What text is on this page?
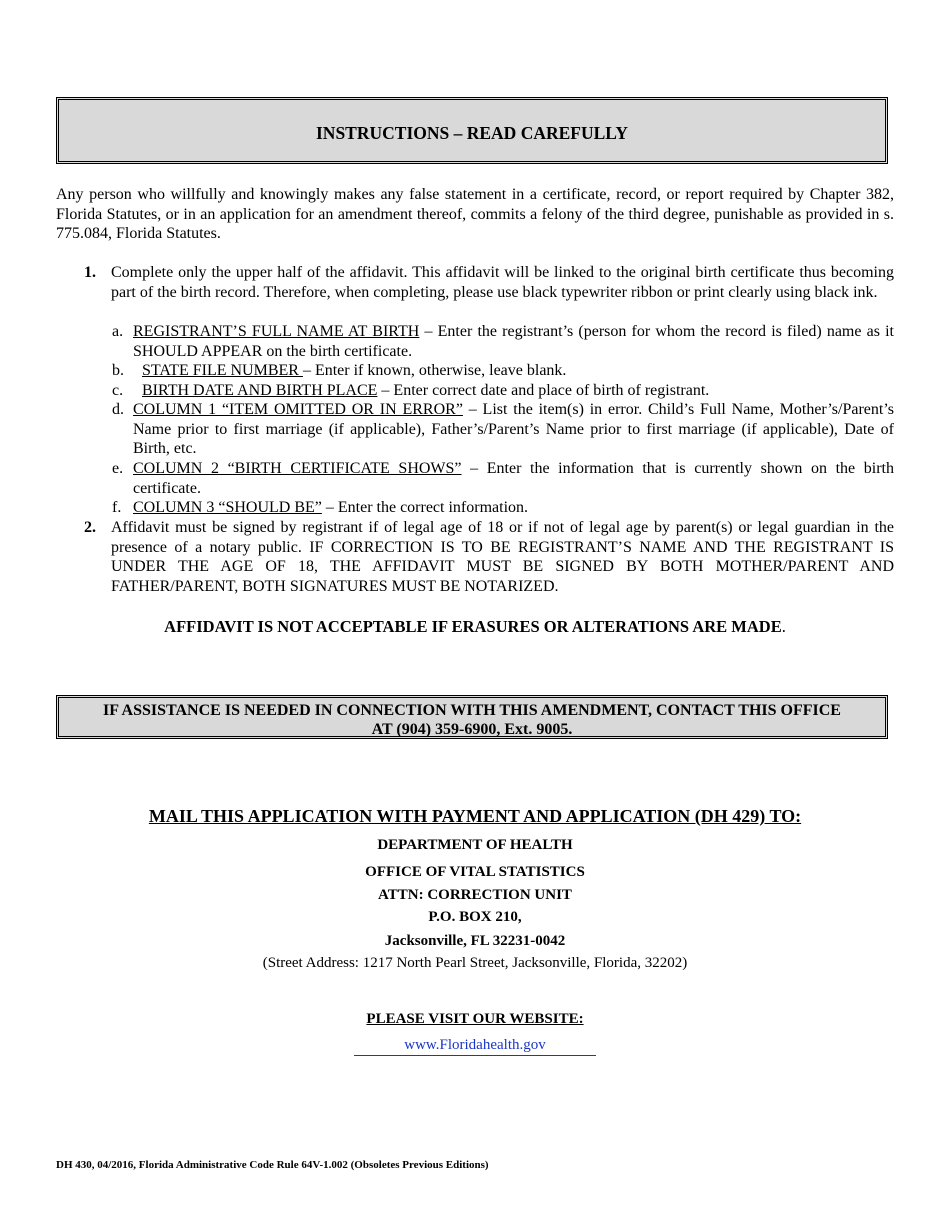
INSTRUCTIONS – READ CAREFULLY
Any person who willfully and knowingly makes any false statement in a certificate, record, or report required by Chapter 382, Florida Statutes, or in an application for an amendment thereof, commits a felony of the third degree, punishable as provided in s. 775.084, Florida Statutes.
1. Complete only the upper half of the affidavit. This affidavit will be linked to the original birth certificate thus becoming part of the birth record. Therefore, when completing, please use black typewriter ribbon or print clearly using black ink.
a. REGISTRANT’S FULL NAME AT BIRTH – Enter the registrant’s (person for whom the record is filed) name as it SHOULD APPEAR on the birth certificate.
b. STATE FILE NUMBER – Enter if known, otherwise, leave blank.
c. BIRTH DATE AND BIRTH PLACE – Enter correct date and place of birth of registrant.
d. COLUMN 1 “ITEM OMITTED OR IN ERROR” – List the item(s) in error. Child’s Full Name, Mother’s/Parent’s Name prior to first marriage (if applicable), Father’s/Parent’s Name prior to first marriage (if applicable), Date of Birth, etc.
e. COLUMN 2 “BIRTH CERTIFICATE SHOWS” – Enter the information that is currently shown on the birth certificate.
f. COLUMN 3 “SHOULD BE” – Enter the correct information.
2. Affidavit must be signed by registrant if of legal age of 18 or if not of legal age by parent(s) or legal guardian in the presence of a notary public. IF CORRECTION IS TO BE REGISTRANT’S NAME AND THE REGISTRANT IS UNDER THE AGE OF 18, THE AFFIDAVIT MUST BE SIGNED BY BOTH MOTHER/PARENT AND FATHER/PARENT, BOTH SIGNATURES MUST BE NOTARIZED.
AFFIDAVIT IS NOT ACCEPTABLE IF ERASURES OR ALTERATIONS ARE MADE.
IF ASSISTANCE IS NEEDED IN CONNECTION WITH THIS AMENDMENT, CONTACT THIS OFFICE
AT (904) 359-6900, Ext. 9005.
MAIL THIS APPLICATION WITH PAYMENT AND APPLICATION (DH 429) TO:
DEPARTMENT OF HEALTH
OFFICE OF VITAL STATISTICS
ATTN: CORRECTION UNIT
P.O. BOX 210,
Jacksonville, FL 32231-0042
(Street Address: 1217 North Pearl Street, Jacksonville, Florida, 32202)
PLEASE VISIT OUR WEBSITE:
www.Floridahealth.gov
DH 430, 04/2016, Florida Administrative Code Rule 64V-1.002 (Obsoletes Previous Editions)
